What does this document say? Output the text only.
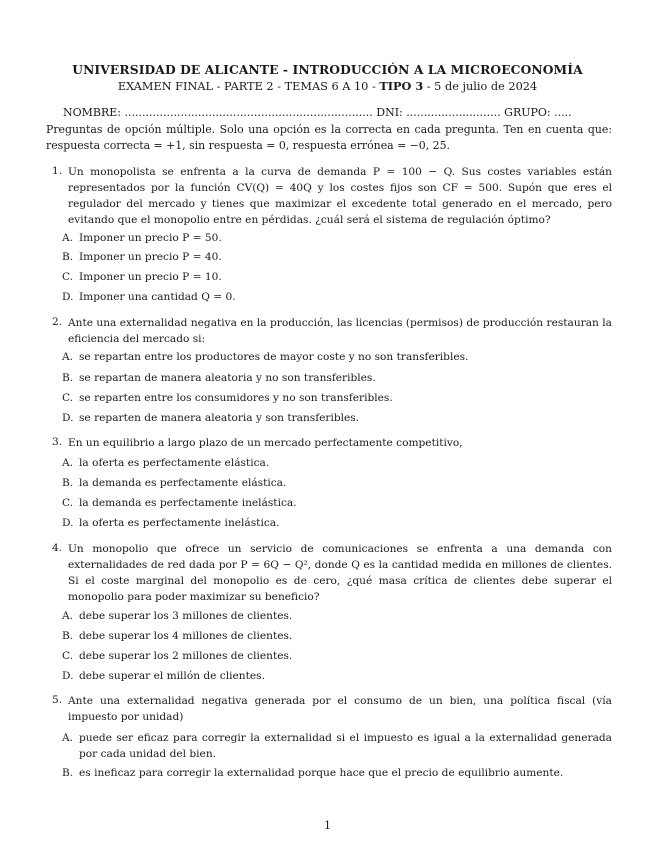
UNIVERSIDAD DE ALICANTE - INTRODUCCIÓN A LA MICROECONOMÍA
EXAMEN FINAL - PARTE 2 - TEMAS 6 A 10 - TIPO 3 - 5 de julio de 2024
NOMBRE: ....................................................................... DNI: ........................... GRUPO: .....
Preguntas de opción múltiple. Solo una opción es la correcta en cada pregunta. Ten en cuenta que: respuesta correcta = +1, sin respuesta = 0, respuesta errónea = −0, 25.
1. Un monopolista se enfrenta a la curva de demanda P = 100 − Q. Sus costes variables están representados por la función CV(Q) = 40Q y los costes fijos son CF = 500. Supón que eres el regulador del mercado y tienes que maximizar el excedente total generado en el mercado, pero evitando que el monopolio entre en pérdidas. ¿cuál será el sistema de regulación óptimo?
A. Imponer un precio P = 50.
B. Imponer un precio P = 40.
C. Imponer un precio P = 10.
D. Imponer una cantidad Q = 0.
2. Ante una externalidad negativa en la producción, las licencias (permisos) de producción restauran la eficiencia del mercado si:
A. se repartan entre los productores de mayor coste y no son transferibles.
B. se repartan de manera aleatoria y no son transferibles.
C. se reparten entre los consumidores y no son transferibles.
D. se reparten de manera aleatoria y son transferibles.
3. En un equilibrio a largo plazo de un mercado perfectamente competitivo,
A. la oferta es perfectamente elástica.
B. la demanda es perfectamente elástica.
C. la demanda es perfectamente inelástica.
D. la oferta es perfectamente inelástica.
4. Un monopolio que ofrece un servicio de comunicaciones se enfrenta a una demanda con externalidades de red dada por P = 6Q − Q², donde Q es la cantidad medida en millones de clientes. Si el coste marginal del monopolio es de cero, ¿qué masa crítica de clientes debe superar el monopolio para poder maximizar su beneficio?
A. debe superar los 3 millones de clientes.
B. debe superar los 4 millones de clientes.
C. debe superar los 2 millones de clientes.
D. debe superar el millón de clientes.
5. Ante una externalidad negativa generada por el consumo de un bien, una política fiscal (vía impuesto por unidad)
A. puede ser eficaz para corregir la externalidad si el impuesto es igual a la externalidad generada por cada unidad del bien.
B. es ineficaz para corregir la externalidad porque hace que el precio de equilibrio aumente.
1
